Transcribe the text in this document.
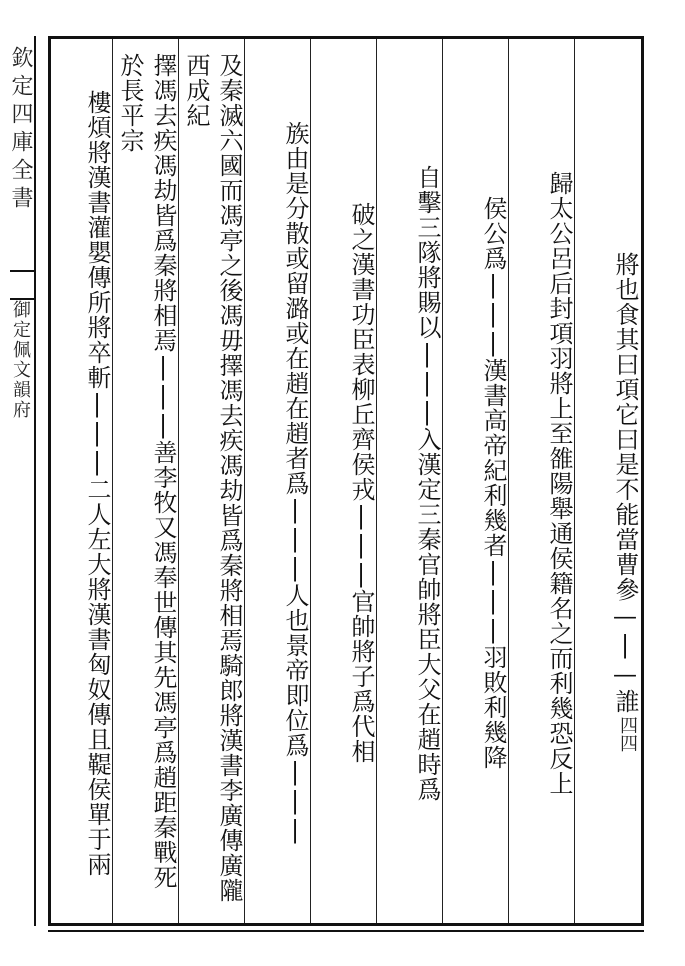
欽定四庫全書
御定佩文韻府	將也食其曰項它曰是不能當曹參—|—誰
歸太公呂后封項羽將上至雒陽舉通侯籍名之而利幾恐反上
侯公爲|||漢書高帝紀利幾者|||羽敗利幾降
自擊三隊將賜以|||入漢定三秦官帥將臣大父在趙時爲
破之漢書功臣表柳丘齊侯戎|||官帥將子爲代相
族由是分散或留潞或在趙在趙者爲|||人也景帝即位爲|||
及秦滅六國而馮亭之後馮毋擇馮去疾馮劫皆爲秦將相焉騎郎將漢書李廣傳廣隴西成紀
擇馮去疾馮劫皆爲秦將相焉|||善李牧又馮奉世傳其先馮亭爲趙距秦戰死於長平宗
樓煩將漢書灌嬰傳所將卒斬|||二人左大將漢書匈奴傳且鞮侯單于兩	四四
